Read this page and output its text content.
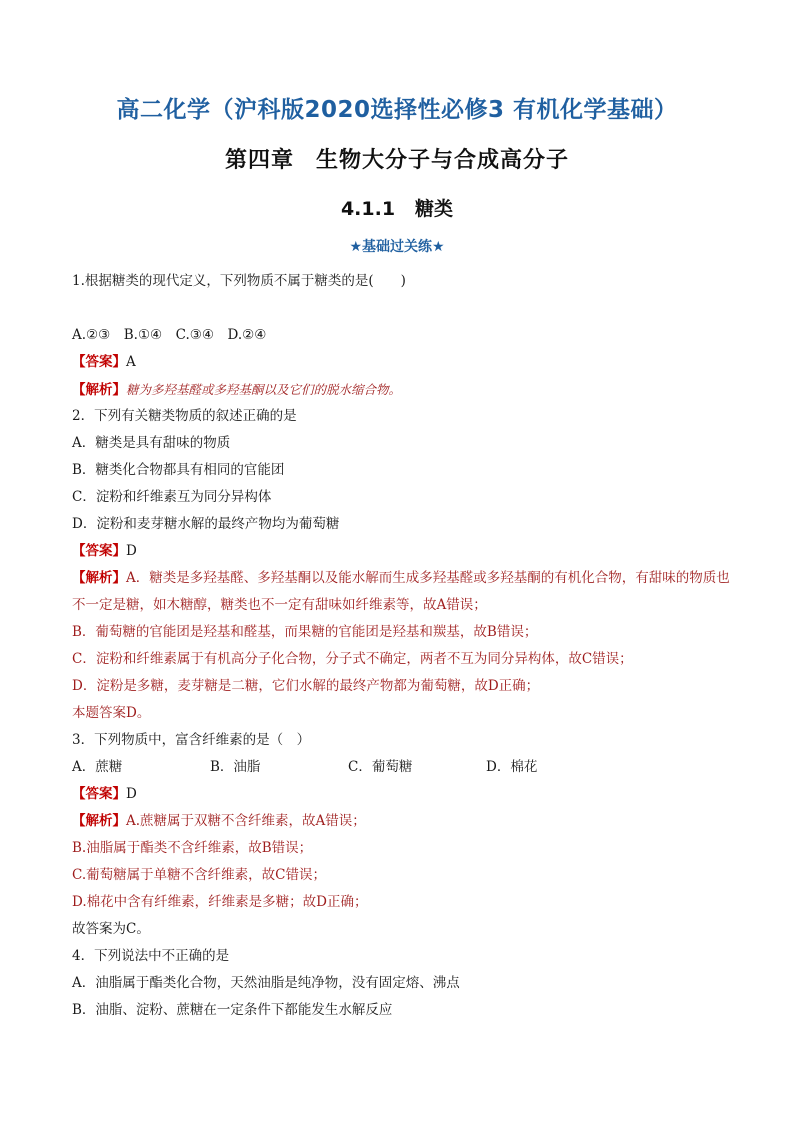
高二化学（沪科版2020选择性必修3 有机化学基础）
第四章 生物大分子与合成高分子
4.1.1 糖类
★基础过关练★
1.根据糖类的现代定义，下列物质不属于糖类的是(　　)
A.②③　B.①④　C.③④　D.②④
【答案】A
【解析】糖为多羟基醛或多羟基酮以及它们的脱水缩合物。
2．下列有关糖类物质的叙述正确的是
A．糖类是具有甜味的物质
B．糖类化合物都具有相同的官能团
C．淀粉和纤维素互为同分异构体
D．淀粉和麦芽糖水解的最终产物均为葡萄糖
【答案】D
【解析】A．糖类是多羟基醛、多羟基酮以及能水解而生成多羟基醛或多羟基酮的有机化合物，有甜味的物质也不一定是糖，如木糖醇，糖类也不一定有甜味如纤维素等，故A错误；
B．葡萄糖的官能团是羟基和醛基，而果糖的官能团是羟基和羰基，故B错误；
C．淀粉和纤维素属于有机高分子化合物，分子式不确定，两者不互为同分异构体，故C错误；
D．淀粉是多糖，麦芽糖是二糖，它们水解的最终产物都为葡萄糖，故D正确；
本题答案D。
3．下列物质中，富含纤维素的是（　）
A．蔗糖	B．油脂	C．葡萄糖	D．棉花
【答案】D
【解析】A.蔗糖属于双糖不含纤维素，故A错误；
B.油脂属于酯类不含纤维素，故B错误；
C.葡萄糖属于单糖不含纤维素，故C错误；
D.棉花中含有纤维素，纤维素是多糖；故D正确；
故答案为C。
4．下列说法中不正确的是
A．油脂属于酯类化合物，天然油脂是纯净物，没有固定熔、沸点
B．油脂、淀粉、蔗糖在一定条件下都能发生水解反应
